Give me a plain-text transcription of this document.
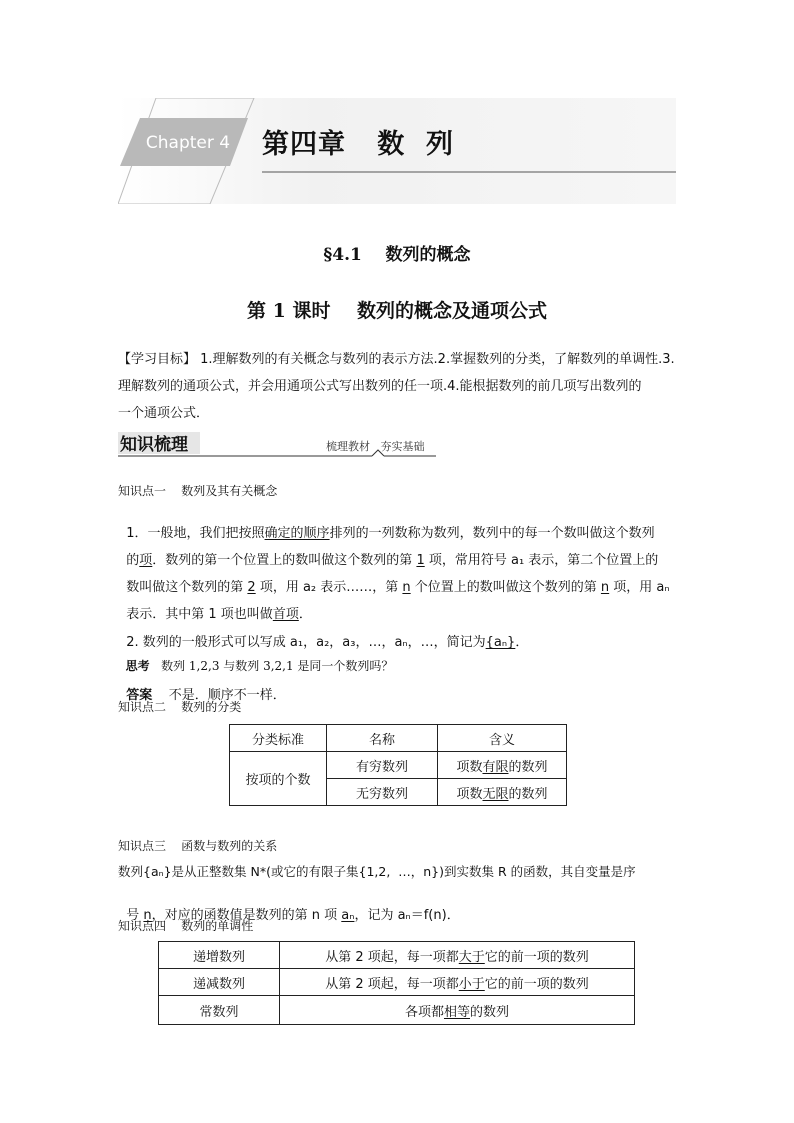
Chapter 4	第四章   数  列
§4.1    数列的概念
第 1 课时    数列的概念及通项公式
【学习目标】 1.理解数列的有关概念与数列的表示方法.2.掌握数列的分类，了解数列的单调性.3.
理解数列的通项公式，并会用通项公式写出数列的任一项.4.能根据数列的前几项写出数列的
一个通项公式．
知识梳理	梳理教材   夯实基础
知识点一    数列及其有关概念

1．一般地，我们把按照确定的顺序排列的一列数称为数列，数列中的每一个数叫做这个数列

的项．数列的第一个位置上的数叫做这个数列的第 1 项，常用符号 a₁ 表示，第二个位置上的

数叫做这个数列的第 2 项，用 a₂ 表示……，第 n 个位置上的数叫做这个数列的第 n 项，用 aₙ

表示．其中第 1 项也叫做首项．

2. 数列的一般形式可以写成 a₁，a₂，a₃，…，aₙ，…，简记为{aₙ}．

思考   数列 1,2,3 与数列 3,2,1 是同一个数列吗？

答案    不是．顺序不一样．

知识点二    数列的分类
分类标准	名称	含义
按项的个数	有穷数列	项数有限的数列
	无穷数列	项数无限的数列
知识点三    函数与数列的关系
数列{aₙ}是从正整数集 N*(或它的有限子集{1,2,  …，n})到实数集 R 的函数，其自变量是序

号 n，对应的函数值是数列的第 n 项 aₙ，记为 aₙ＝f(n)．

知识点四    数列的单调性
递增数列	从第 2 项起，每一项都大于它的前一项的数列
递减数列	从第 2 项起，每一项都小于它的前一项的数列
常数列	各项都相等的数列
